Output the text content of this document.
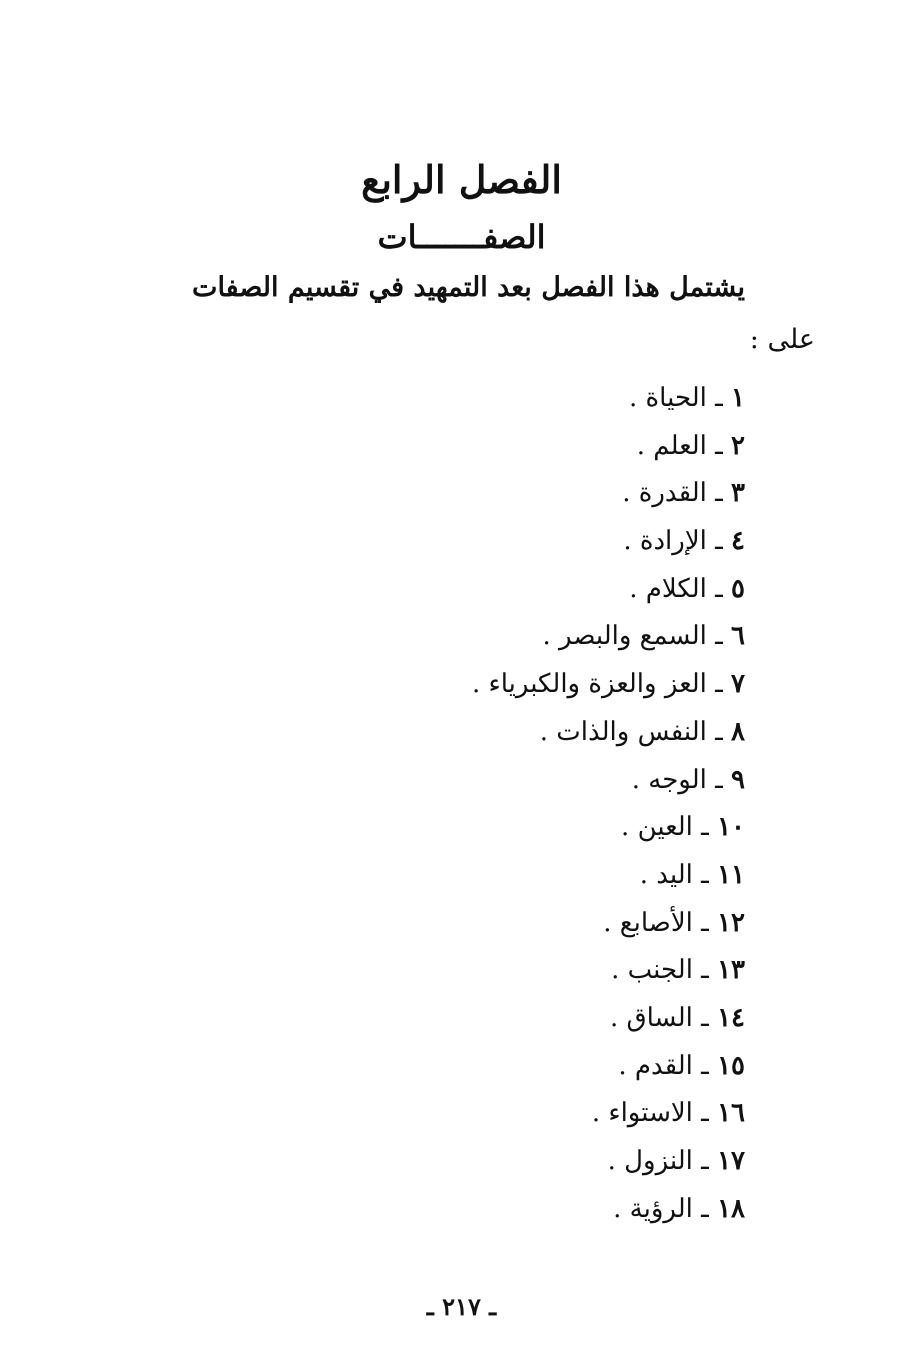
الفصل الرابع
الصفـــــــات

يشتمل هذا الفصل بعد التمهيد في تقسيم الصفات

على :

١ ـ الحياة .
٢ ـ العلم .
٣ ـ القدرة .
٤ ـ الإرادة .
٥ ـ الكلام .
٦ ـ السمع والبصر .
٧ ـ العز والعزة والكبرياء .
٨ ـ النفس والذات .
٩ ـ الوجه .
١٠ ـ العين .
١١ ـ اليد .
١٢ ـ الأصابع .
١٣ ـ الجنب .
١٤ ـ الساق .
١٥ ـ القدم .
١٦ ـ الاستواء .
١٧ ـ النزول .
١٨ ـ الرؤية .
ـ ٢١٧ ـ
